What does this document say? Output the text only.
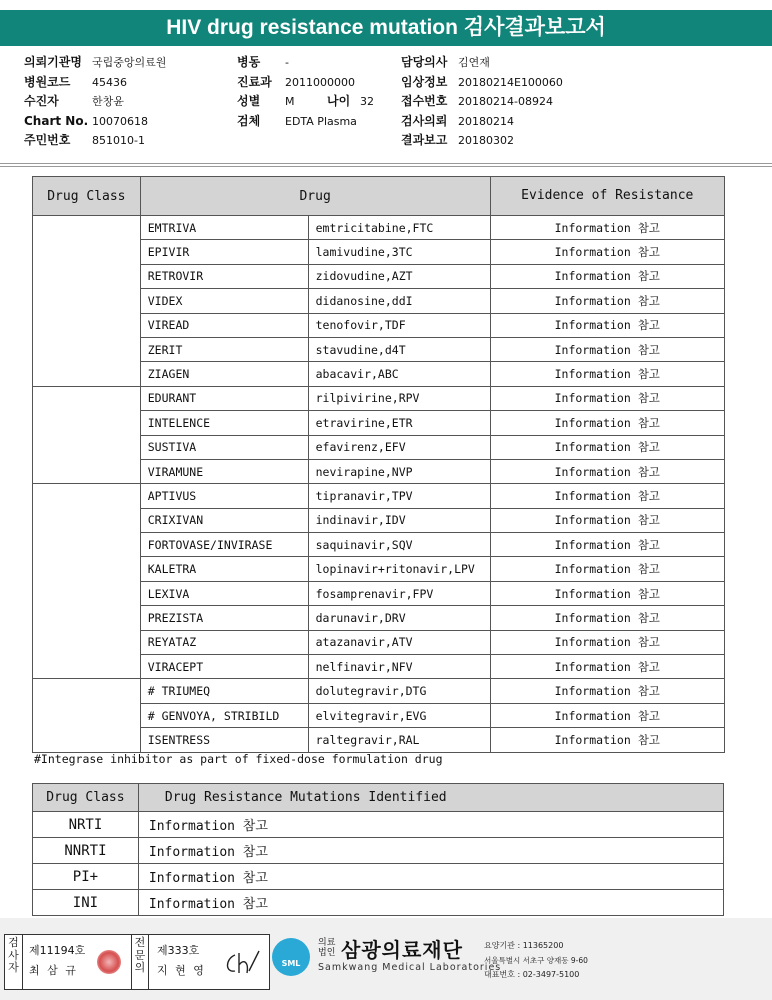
HIV drug resistance mutation 검사결과보고서
의뢰기관명 국립중앙의료원
병원코드 45436
수진자	한창윤
Chart No. 10070618
주민번호 851010-1
병동 -
진료과 2011000000
성별 M	나이 32
검체 EDTA Plasma
담당의사 김연재
임상정보 20180214E100060
접수번호 20180214-08924
검사의뢰 20180214
결과보고 20180302
Drug Class	Drug		Evidence of Resistance
	EMTRIVA	emtricitabine,FTC	Information 참고
	EPIVIR	lamivudine,3TC	Information 참고
	RETROVIR	zidovudine,AZT	Information 참고
	VIDEX	didanosine,ddI	Information 참고
	VIREAD	tenofovir,TDF	Information 참고
	ZERIT	stavudine,d4T	Information 참고
	ZIAGEN	abacavir,ABC	Information 참고
	EDURANT	rilpivirine,RPV	Information 참고
	INTELENCE	etravirine,ETR	Information 참고
	SUSTIVA	efavirenz,EFV	Information 참고
	VIRAMUNE	nevirapine,NVP	Information 참고
	APTIVUS	tipranavir,TPV	Information 참고
	CRIXIVAN	indinavir,IDV	Information 참고
	FORTOVASE/INVIRASE	saquinavir,SQV	Information 참고
	KALETRA	lopinavir+ritonavir,LPV	Information 참고
	LEXIVA	fosamprenavir,FPV	Information 참고
	PREZISTA	darunavir,DRV	Information 참고
	REYATAZ	atazanavir,ATV	Information 참고
	VIRACEPT	nelfinavir,NFV	Information 참고
	# TRIUMEQ	dolutegravir,DTG	Information 참고
	# GENVOYA, STRIBILD	elvitegravir,EVG	Information 참고
	ISENTRESS	raltegravir,RAL	Information 참고
#Integrase inhibitor as part of fixed-dose formulation drug
Drug Class	Drug Resistance Mutations Identified
NRTI	Information 참고
NNRTI	Information 참고
PI+	Information 참고
INI	Information 참고
검사자
제11194호
최 삼 규
전문의
제333호
지 현 영
SML
의료법인 삼광의료재단
Samkwang Medical Laboratories
요양기관 : 11365200
서울특별시 서초구 양재동 9-60
대표번호 : 02-3497-5100
